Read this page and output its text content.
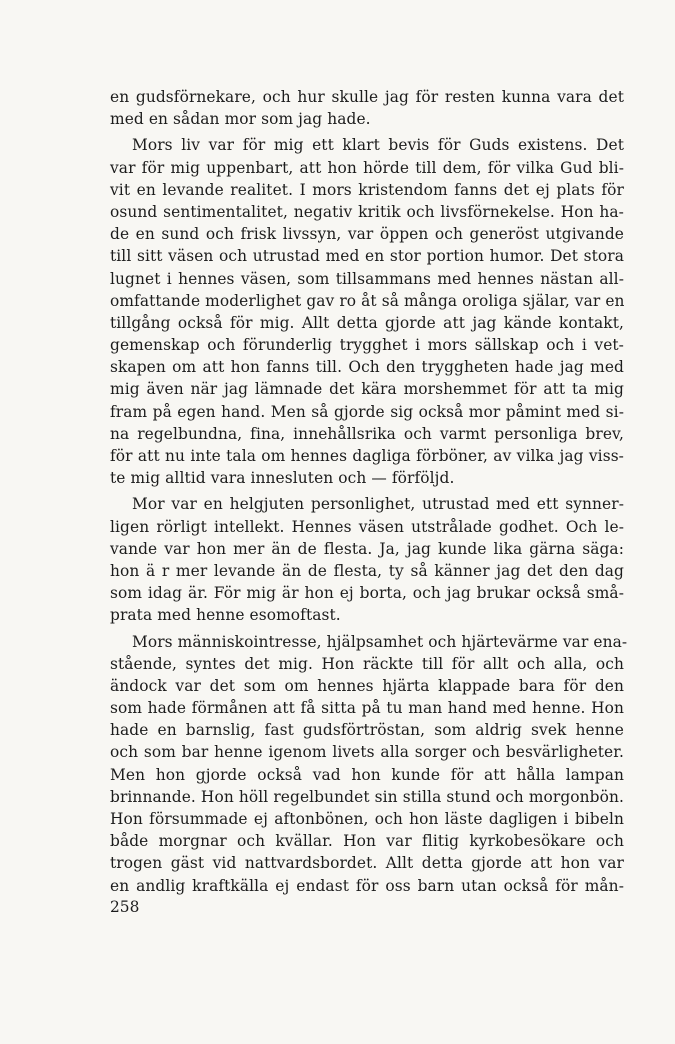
en gudsförnekare, och hur skulle jag för resten kunna vara det
med en sådan mor som jag hade.
Mors liv var för mig ett klart bevis för Guds existens. Det
var för mig uppenbart, att hon hörde till dem, för vilka Gud bli-
vit en levande realitet. I mors kristendom fanns det ej plats för
osund sentimentalitet, negativ kritik och livsförnekelse. Hon ha-
de en sund och frisk livssyn, var öppen och generöst utgivande
till sitt väsen och utrustad med en stor portion humor. Det stora
lugnet i hennes väsen, som tillsammans med hennes nästan all-
omfattande moderlighet gav ro åt så många oroliga själar, var en
tillgång också för mig. Allt detta gjorde att jag kände kontakt,
gemenskap och förunderlig trygghet i mors sällskap och i vet-
skapen om att hon fanns till. Och den tryggheten hade jag med
mig även när jag lämnade det kära morshemmet för att ta mig
fram på egen hand. Men så gjorde sig också mor påmint med si-
na regelbundna, fina, innehållsrika och varmt personliga brev,
för att nu inte tala om hennes dagliga förböner, av vilka jag viss-
te mig alltid vara innesluten och — förföljd.
Mor var en helgjuten personlighet, utrustad med ett synner-
ligen rörligt intellekt. Hennes väsen utstrålade godhet. Och le-
vande var hon mer än de flesta. Ja, jag kunde lika gärna säga:
hon ä r mer levande än de flesta, ty så känner jag det den dag
som idag är. För mig är hon ej borta, och jag brukar också små-
prata med henne esomoftast.
Mors människointresse, hjälpsamhet och hjärtevärme var ena-
stående, syntes det mig. Hon räckte till för allt och alla, och
ändock var det som om hennes hjärta klappade bara för den
som hade förmånen att få sitta på tu man hand med henne. Hon
hade en barnslig, fast gudsförtröstan, som aldrig svek henne
och som bar henne igenom livets alla sorger och besvärligheter.
Men hon gjorde också vad hon kunde för att hålla lampan
brinnande. Hon höll regelbundet sin stilla stund och morgonbön.
Hon försummade ej aftonbönen, och hon läste dagligen i bibeln
både morgnar och kvällar. Hon var flitig kyrkobesökare och
trogen gäst vid nattvardsbordet. Allt detta gjorde att hon var
en andlig kraftkälla ej endast för oss barn utan också för mån-
258
